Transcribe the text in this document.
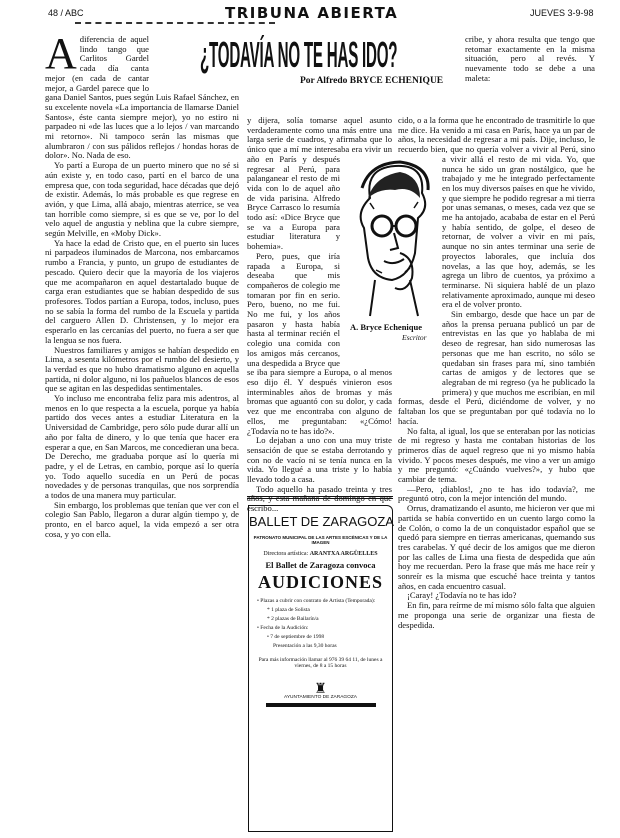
48 / ABC	TRIBUNA ABIERTA	JUEVES 3-9-98
¿TODAVÍA NO TE HAS IDO?
Por Alfredo BRYCE ECHENIQUE

Adiferencia de aquel lindo tango que Carlitos Gardel cada día canta mejor (en cada de cantar mejor, a Gardel parece que lo gana Daniel Santos, pues según Luis Rafael Sánchez, en su excelente novela «La importancia de llamarse Daniel Santos», éste canta siempre mejor), yo no estiro ni parpadeo ni «de las luces que a lo lejos / van marcando mi retorno». Ni tampoco serán las mismas que alumbraron / con sus pálidos reflejos / hondas horas de dolor». No. Nada de eso.

Yo partí a Europa de un puerto minero que no sé si aún existe y, en todo caso, partí en el barco de una empresa que, con toda seguridad, hace décadas que dejó de existir. Además, lo más probable es que regrese en avión, y que Lima, allá abajo, mientras aterrice, se vea tan horrible como siempre, si es que se ve, por lo del velo aquel de angustia y neblina que la cubre siempre, según Melville, en «Moby Dick».

Ya hace la edad de Cristo que, en el puerto sin luces ni parpadeos iluminados de Marcona, nos embarcamos rumbo a Francia, y punto, un grupo de estudiantes de pescado. Quiero decir que la mayoría de los viajeros que me acompañaron en aquel destartalado buque de carga eran estudiantes que se habían despedido de sus profesores. Todos partían a Europa, todos, incluso, pues no se sabía la forma del rumbo de la Escuela y partida del carguero Allen D. Christensen, y lo mejor era esperarlo en las cercanías del puerto, no fuera a ser que la lengua se nos fuera.

Nuestros familiares y amigos se habían despedido en Lima, a sesenta kilómetros por el rumbo del desierto, y la verdad es que no hubo dramatismo alguno en aquella partida, ni dolor alguno, ni los pañuelos blancos de esos que se agitan en las despedidas sentimentales.

Yo incluso me encontraba feliz para mis adentros, al menos en lo que respecta a la escuela, porque ya había partido dos veces antes a estudiar Literatura en la Universidad de Cambridge, pero sólo pude durar allí un año por falta de dinero, y lo que tenía que hacer era esperar a que, en San Marcos, me concedieran una beca. De Derecho, me graduaba porque así lo quería mi padre, y el de Letras, en cambio, porque así lo quería yo. Todo aquello sucedía en un Perú de pocas novedades y de personas tranquilas, que nos sorprendía a todos de una manera muy particular.

Sin embargo, los problemas que tenían que ver con el colegio San Pablo, llegaron a durar algún tiempo y, de pronto, en el barco aquel, la vida empezó a ser otra cosa, y yo con ella.

cribe, y ahora resulta que tengo que retomar exactamente en la misma situación, pero al revés. Y nuevamente todo se debe a una maleta:

y dijera, solía tomarse aquel asunto verdaderamente como una más entre una larga serie de cuadros, y afirmaba que lo único que a mí me interesaba era vivir un año en París y después regresar al Perú, para palanganear el resto de mi vida con lo de aquel año de vida parisina. Alfredo Bryce Carrasco lo resumía todo así: «Dice Bryce que se va a Europa para estudiar literatura y bohemia».

Pero, pues, que iría rapada a Europa, si deseaba que mis compañeros de colegio me tomaran por fin en serio. Pero, bueno, no me fui. No me fui, y los años pasaron y hasta había hasta al terminar recién el colegio una comida con los amigos más cercanos, una despedida a Bryce que se iba para siempre a Europa, o al menos eso dijo él. Y después vinieron esos interminables años de bromas y más bromas que aguantó con su dolor, y cada vez que me encontraba con alguno de ellos, me preguntaban: «¿Cómo! ¿Todavía no te has ido?».

Lo dejaban a uno con una muy triste sensación de que se estaba derrotando y con no de vacío ni se tenía nunca en la vida. Yo llegué a una triste y lo había llevado todo a casa.

Todo aquello ha pasado treinta y tres años, y esta mañana de domingo en que escribo...

cido, o a la forma que he encontrado de trasmitirle lo que me dice. Ha venido a mi casa en París, hace ya un par de años, la necesidad de regresar a mi país. Dije, incluso, le recuerdo bien, que no quería volver a vivir al Perú, sino a vivir allá el resto de mi vida. Yo, que nunca he sido un gran nostálgico, que he trabajado y me he integrado perfectamente en los muy diversos países en que he vivido, y que siempre he podido regresar a mi tierra por unas semanas, o meses, cada vez que se me ha antojado, acababa de estar en el Perú y había sentido, de golpe, el deseo de retornar, de volver a vivir en mi país, aunque no sin antes terminar una serie de proyectos laborales, que incluía dos novelas, a las que hoy, además, se les agrega un libro de cuentos, ya próximo a terminarse. Ni siquiera hablé de un plazo relativamente aproximado, aunque mi deseo era el de volver pronto.

Sin embargo, desde que hace un par de años la prensa peruana publicó un par de entrevistas en las que yo hablaba de mi deseo de regresar, han sido numerosas las personas que me han escrito, no sólo se quedaban sin frases para mí, sino también cartas de amigos y de lectores que se alegraban de mi regreso (ya he publicado la primera) y que muchos me escribían, en mil formas, desde el Perú, diciéndome de volver, y no faltaban los que se preguntaban por qué todavía no lo hacía.

No falta, al igual, los que se enteraban por las noticias de mi regreso y hasta me contaban historias de los primeros días de aquel regreso que ni yo mismo había vivido. Y pocos meses después, me vino a ver un amigo y me preguntó: «¿Cuándo vuelves?», y hubo que cambiar de tema.

—Pero, ¡diablos!, ¿no te has ido todavía?, me preguntó otro, con la mejor intención del mundo.

Orrus, dramatizando el asunto, me hicieron ver que mi partida se había convertido en un cuento largo como la de Colón, o como la de un conquistador español que se quedó para siempre en tierras americanas, quemando sus tres carabelas. Y qué decir de los amigos que me dieron por las calles de Lima una fiesta de despedida que aún hoy me recuerdan. Pero la frase que más me hace reír y sonreír es la misma que escuché hace treinta y tantos años, en cada encuentro casual.

¡Caray! ¿Todavía no te has ido?

En fin, para reírme de mí mismo sólo falta que alguien me proponga una serie de organizar una fiesta de despedida.

A. Bryce Echenique
Escritor
BALLET DE ZARAGOZA
PATRONATO MUNICIPAL DE LAS ARTES ESCÉNICAS Y DE LA IMAGEN
Directora artística: ARANTXA ARGÜELLES
El Ballet de Zaragoza convoca
AUDICIONES
• Plazas a cubrir con contrato de Artista (Temporada):
* 1 plaza de Solista
* 2 plazas de Bailarín/a
• Fecha de la Audición:
• 7 de septiembre de 1998
Presentación a las 9,30 horas
Para más información llamar al 976 39 64 11, de lunes a viernes, de 8 a 15 horas
♜
AYUNTAMIENTO DE ZARAGOZA
